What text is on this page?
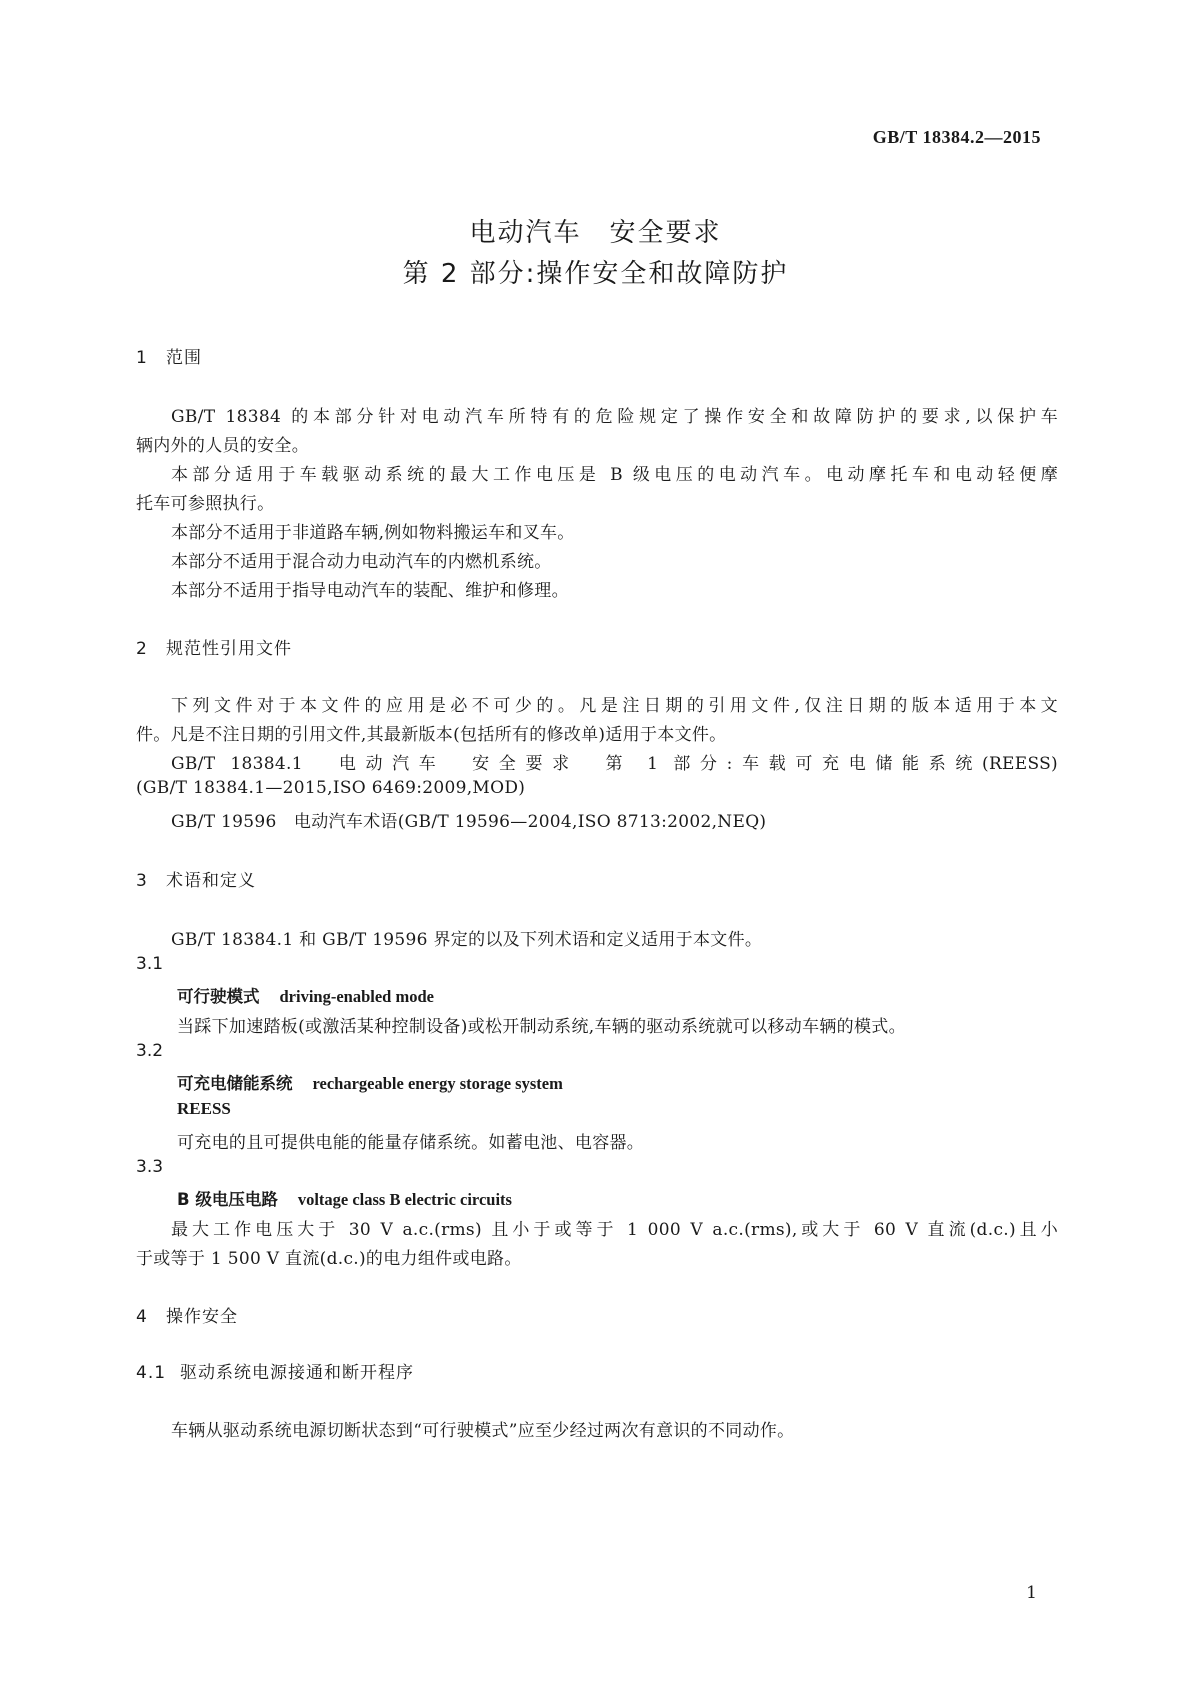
GB/T 18384.2—2015
电动汽车　安全要求
第 2 部分:操作安全和故障防护
1 范围
GB/T 18384 的本部分针对电动汽车所特有的危险规定了操作安全和故障防护的要求,以保护车
辆内外的人员的安全。
本部分适用于车载驱动系统的最大工作电压是 B 级电压的电动汽车。电动摩托车和电动轻便摩
托车可参照执行。
本部分不适用于非道路车辆,例如物料搬运车和叉车。
本部分不适用于混合动力电动汽车的内燃机系统。
本部分不适用于指导电动汽车的装配、维护和修理。
2 规范性引用文件
下列文件对于本文件的应用是必不可少的。凡是注日期的引用文件,仅注日期的版本适用于本文
件。凡是不注日期的引用文件,其最新版本(包括所有的修改单)适用于本文件。
GB/T 18384.1　电动汽车　安全要求　第 1 部分:车载可充电储能系统(REESS)
(GB/T 18384.1—2015,ISO 6469:2009,MOD)
GB/T 19596　电动汽车术语(GB/T 19596—2004,ISO 8713:2002,NEQ)
3 术语和定义
GB/T 18384.1 和 GB/T 19596 界定的以及下列术语和定义适用于本文件。
3.1
可行驶模式 driving-enabled mode
当踩下加速踏板(或激活某种控制设备)或松开制动系统,车辆的驱动系统就可以移动车辆的模式。
3.2
可充电储能系统 rechargeable energy storage system
REESS
可充电的且可提供电能的能量存储系统。如蓄电池、电容器。
3.3
B 级电压电路 voltage class B electric circuits
最大工作电压大于 30 V a.c.(rms) 且小于或等于 1 000 V a.c.(rms),或大于 60 V 直流(d.c.)且小
于或等于 1 500 V 直流(d.c.)的电力组件或电路。
4 操作安全
4.1 驱动系统电源接通和断开程序
车辆从驱动系统电源切断状态到“可行驶模式”应至少经过两次有意识的不同动作。
1
